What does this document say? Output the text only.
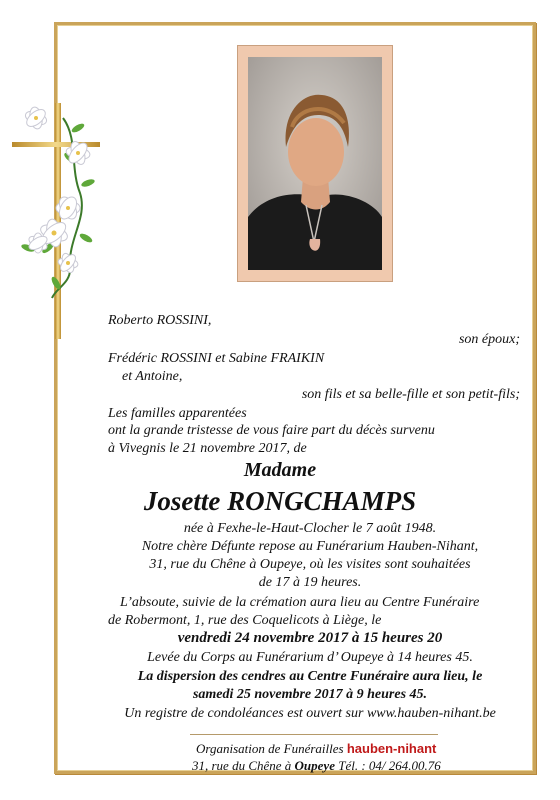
Roberto ROSSINI,
son époux;
Frédéric ROSSINI et Sabine FRAIKIN
et Antoine,
son fils et sa belle-fille et son petit-fils;
Les familles apparentées
ont la grande tristesse de vous faire part du décès survenu
à Vivegnis le 21 novembre 2017, de
Madame
Josette RONGCHAMPS
née à Fexhe-le-Haut-Clocher le 7 août 1948.
Notre chère Défunte repose au Funérarium Hauben-Nihant,
31, rue du Chêne à Oupeye, où les visites sont souhaitées
de 17 à 19 heures.
L’absoute, suivie de la crémation aura lieu au Centre Funéraire
de Robermont, 1, rue des Coquelicots à Liège, le
vendredi 24 novembre 2017 à 15 heures 20
Levée du Corps au Funérarium d’ Oupeye à 14 heures 45.
La dispersion des cendres au Centre Funéraire aura lieu, le
samedi 25 novembre 2017 à 9 heures 45.
Un registre de condoléances est ouvert sur www.hauben-nihant.be
Organisation de Funérailles hauben-nihant
31, rue du Chêne à Oupeye Tél. : 04/ 264.00.76
